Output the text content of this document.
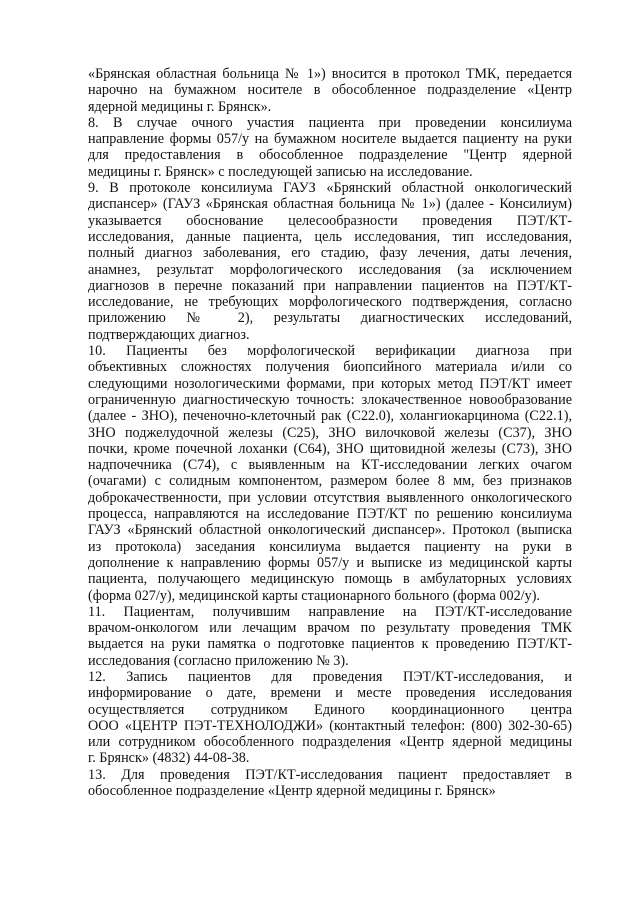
«Брянская областная больница № 1») вносится в протокол ТМК, передается
нарочно на бумажном носителе в обособленное подразделение «Центр
ядерной медицины г. Брянск».
8. В случае очного участия пациента при проведении консилиума
направление формы 057/у на бумажном носителе выдается пациенту на руки
для предоставления в обособленное подразделение "Центр ядерной
медицины г. Брянск» с последующей записью на исследование.
9. В протоколе консилиума ГАУЗ «Брянский областной онкологический
диспансер» (ГАУЗ «Брянская областная больница № 1») (далее - Консилиум)
указывается обоснование целесообразности проведения ПЭТ/КТ-
исследования, данные пациента, цель исследования, тип исследования,
полный диагноз заболевания, его стадию, фазу лечения, даты лечения,
анамнез, результат морфологического исследования (за исключением
диагнозов в перечне показаний при направлении пациентов на ПЭТ/КТ-
исследование, не требующих морфологического подтверждения, согласно
приложению № 2), результаты диагностических исследований,
подтверждающих диагноз.
10. Пациенты без морфологической верификации диагноза при
объективных сложностях получения биопсийного материала и/или со
следующими нозологическими формами, при которых метод ПЭТ/КТ имеет
ограниченную диагностическую точность: злокачественное новообразование
(далее - ЗНО), печеночно-клеточный рак (С22.0), холангиокарцинома (С22.1),
ЗНО поджелудочной железы (С25), ЗНО вилочковой железы (С37), ЗНО
почки, кроме почечной лоханки (С64), ЗНО щитовидной железы (С73), ЗНО
надпочечника (С74), с выявленным на КТ-исследовании легких очагом
(очагами) с солидным компонентом, размером более 8 мм, без признаков
доброкачественности, при условии отсутствия выявленного онкологического
процесса, направляются на исследование ПЭТ/КТ по решению консилиума
ГАУЗ «Брянский областной онкологический диспансер». Протокол (выписка
из протокола) заседания консилиума выдается пациенту на руки в
дополнение к направлению формы 057/у и выписке из медицинской карты
пациента, получающего медицинскую помощь в амбулаторных условиях
(форма 027/у), медицинской карты стационарного больного (форма 002/у).
11. Пациентам, получившим направление на ПЭТ/КТ-исследование
врачом-онкологом или лечащим врачом по результату проведения ТМК
выдается на руки памятка о подготовке пациентов к проведению ПЭТ/КТ-
исследования (согласно приложению № 3).
12. Запись пациентов для проведения ПЭТ/КТ-исследования, и
информирование о дате, времени и месте проведения исследования
осуществляется сотрудником Единого координационного центра
ООО «ЦЕНТР ПЭТ-ТЕХНОЛОДЖИ» (контактный телефон: (800) 302-30-65)
или сотрудником обособленного подразделения «Центр ядерной медицины
г. Брянск» (4832) 44-08-38.
13. Для проведения ПЭТ/КТ-исследования пациент предоставляет в
обособленное подразделение «Центр ядерной медицины г. Брянск»
